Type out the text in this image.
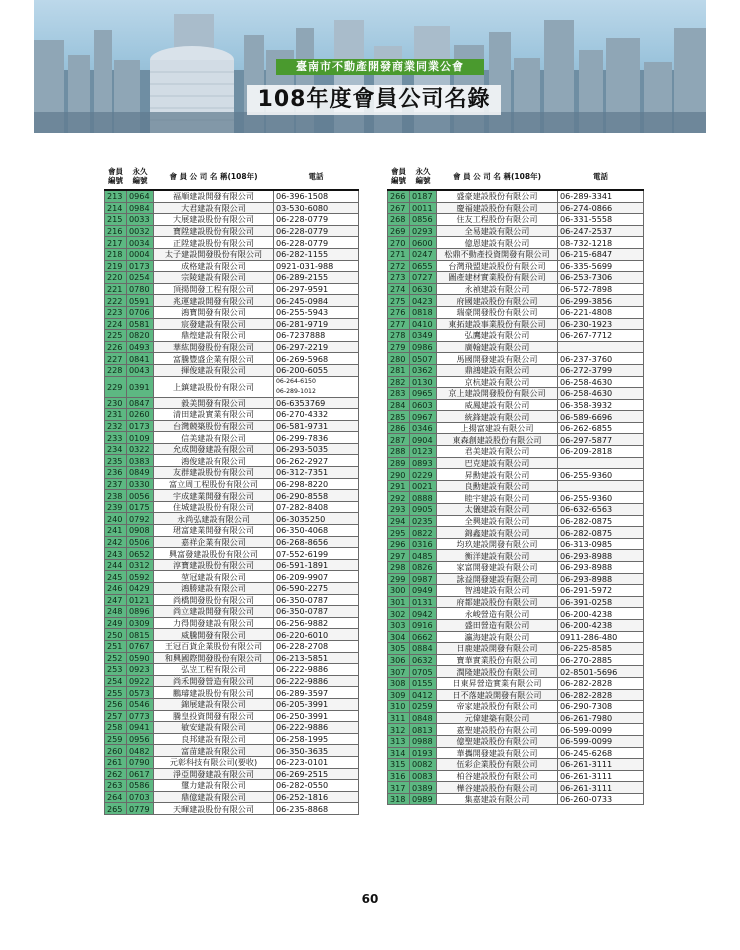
臺南市不動產開發商業同業公會
108年度會員公司名錄
會員
編號	永久
編號	會 員 公 司 名 稱(108年)	電話
213	0964	福順建設開發有限公司	06-396-1508
214	0984	大君建設有限公司	03-530-6080
215	0033	大展建設股份有限公司	06-228-0779
216	0032	寶陞建設股份有限公司	06-228-0779
217	0034	正陞建設股份有限公司	06-228-0779
218	0004	太子建設開發股份有限公司	06-282-1155
219	0173	成格建設有限公司	0921-031-988
220	0254	宗陵建設有限公司	06-289-2155
221	0780	頂揚開發工程有限公司	06-297-9591
222	0591	兆運建設開發有限公司	06-245-0984
223	0706	鴻寶開發有限公司	06-255-5943
224	0581	宸發建設有限公司	06-281-9719
225	0820	鼎煌建設有限公司	06-7237888
226	0493	華紘開發股份有限公司	06-297-2219
227	0841	富騰豐盛企業有限公司	06-269-5968
228	0043	揮俊建設有限公司	06-200-6055
229	0391	上鎮建設股份有限公司	06-264-6150
06-289-1012
230	0847	毅美開發有限公司	06-6353769
231	0260	清田建設實業有限公司	06-270-4332
232	0173	台灣競築股份有限公司	06-581-9731
233	0109	信美建設有限公司	06-299-7836
234	0322	允成開發建設有限公司	06-293-5035
235	0383	鴻俊建設有限公司	06-262-2927
236	0849	友群建設股份有限公司	06-312-7351
237	0330	富立周工程股份有限公司	06-298-8220
238	0056	宇成建業開發有限公司	06-290-8558
239	0175	住城建設股份有限公司	07-282-8408
240	0792	永尚弘建設有限公司	06-3035250
241	0908	珺富建業開發有限公司	06-350-4068
242	0506	嘉祥企業有限公司	06-268-8656
243	0652	興富發建設股份有限公司	07-552-6199
244	0312	淳寶建設股份有限公司	06-591-1891
245	0592	堃冠建設有限公司	06-209-9907
246	0429	鴻勝建設有限公司	06-590-2275
247	0121	尚橋開發股份有限公司	06-350-0787
248	0896	尚立建設開發有限公司	06-350-0787
249	0309	力得開發建設有限公司	06-256-9882
250	0815	威騰開發有限公司	06-220-6010
251	0767	王冠百貨企業股份有限公司	06-228-2708
252	0590	和興國際開發股份有限公司	06-213-5851
253	0923	弘岦工程有限公司	06-222-9886
254	0922	尚禾開發營造有限公司	06-222-9886
255	0573	鵬璿建設股份有限公司	06-289-3597
256	0546	錦展建設有限公司	06-205-3991
257	0773	騰皇投資開發有限公司	06-250-3991
258	0941	敏安建設有限公司	06-222-9886
259	0956	良邦建設有限公司	06-258-1995
260	0482	富苗建設有限公司	06-350-3635
261	0790	元彰科技有限公司(要收)	06-223-0101
262	0617	淨亞開發建設有限公司	06-269-2515
263	0586	璽力建設有限公司	06-282-0550
264	0703	鼎億建設有限公司	06-252-1816
265	0779	天暉建設股份有限公司	06-235-8868
會員
編號	永久
編號	會 員 公 司 名 稱(108年)	電話
266	0187	盛豪建設股份有限公司	06-289-3341
267	0011	慶福建設股份有限公司	06-274-0866
268	0856	住友工程股份有限公司	06-331-5558
269	0293	全易建設有限公司	06-247-2537
270	0600	億恩建設有限公司	08-732-1218
271	0247	松鼎不動產投資開發有限公司	06-215-6847
272	0655	台灣飛盟建設股份有限公司	06-335-5699
273	0727	圖產建材實業股份有限公司	06-253-7306
274	0630	永禎建設有限公司	06-572-7898
275	0423	府國建設股份有限公司	06-299-3856
276	0818	瑞豪開發股份有限公司	06-221-4808
277	0410	東拓建設事業股份有限公司	06-230-1923
278	0349	弘鷹建設有限公司	06-267-7712
279	0986	廣翰建設有限公司	
280	0507	馬國開發建設有限公司	06-237-3760
281	0362	鼎鴻建設有限公司	06-272-3799
282	0130	京杭建設有限公司	06-258-4630
283	0965	京上建設開發股份有限公司	06-258-4630
284	0603	威鳳建設有限公司	06-358-3932
285	0967	統鋒建設有限公司	06-589-6696
286	0346	上揚富建設有限公司	06-262-6855
287	0904	東森創建設股份有限公司	06-297-5877
288	0123	君美建設有限公司	06-209-2818
289	0893	巴克建設有限公司	
290	0229	昇勳建設有限公司	06-255-9360
291	0021	良勳建設有限公司	
292	0888	睦宇建設有限公司	06-255-9360
293	0905	太儀建設有限公司	06-632-6563
294	0235	全興建設有限公司	06-282-0875
295	0822	錦鑫建設有限公司	06-282-0875
296	0316	均玖建設開發有限公司	06-313-0985
297	0485	衡洋建設有限公司	06-293-8988
298	0826	家富開發建設有限公司	06-293-8988
299	0987	詠益開發建設有限公司	06-293-8988
300	0949	智鴻建設有限公司	06-291-5972
301	0131	府都建設股份有限公司	06-391-0258
302	0942	永峻營造有限公司	06-200-4238
303	0916	盛田營造有限公司	06-200-4238
304	0662	瀛海建設有限公司	0911-286-480
305	0884	日鹿建設開發有限公司	06-225-8585
306	0632	寶華實業股份有限公司	06-270-2885
307	0705	潤隆建設股份有限公司	02-8501-5696
308	0155	日東昇營造實業有限公司	06-282-2828
309	0412	日不落建設開發有限公司	06-282-2828
310	0259	帝家建設股份有限公司	06-290-7308
311	0848	元偉建築有限公司	06-261-7980
312	0813	嘉聖建設股份有限公司	06-599-0099
313	0988	億聖建設股份有限公司	06-599-0099
314	0193	華攜開發建設有限公司	06-245-6268
315	0082	伍彩企業股份有限公司	06-261-3111
316	0083	柏谷建設股份有限公司	06-261-3111
317	0389	樺谷建設股份有限公司	06-261-3111
318	0989	集嘉建設有限公司	06-260-0733
60
